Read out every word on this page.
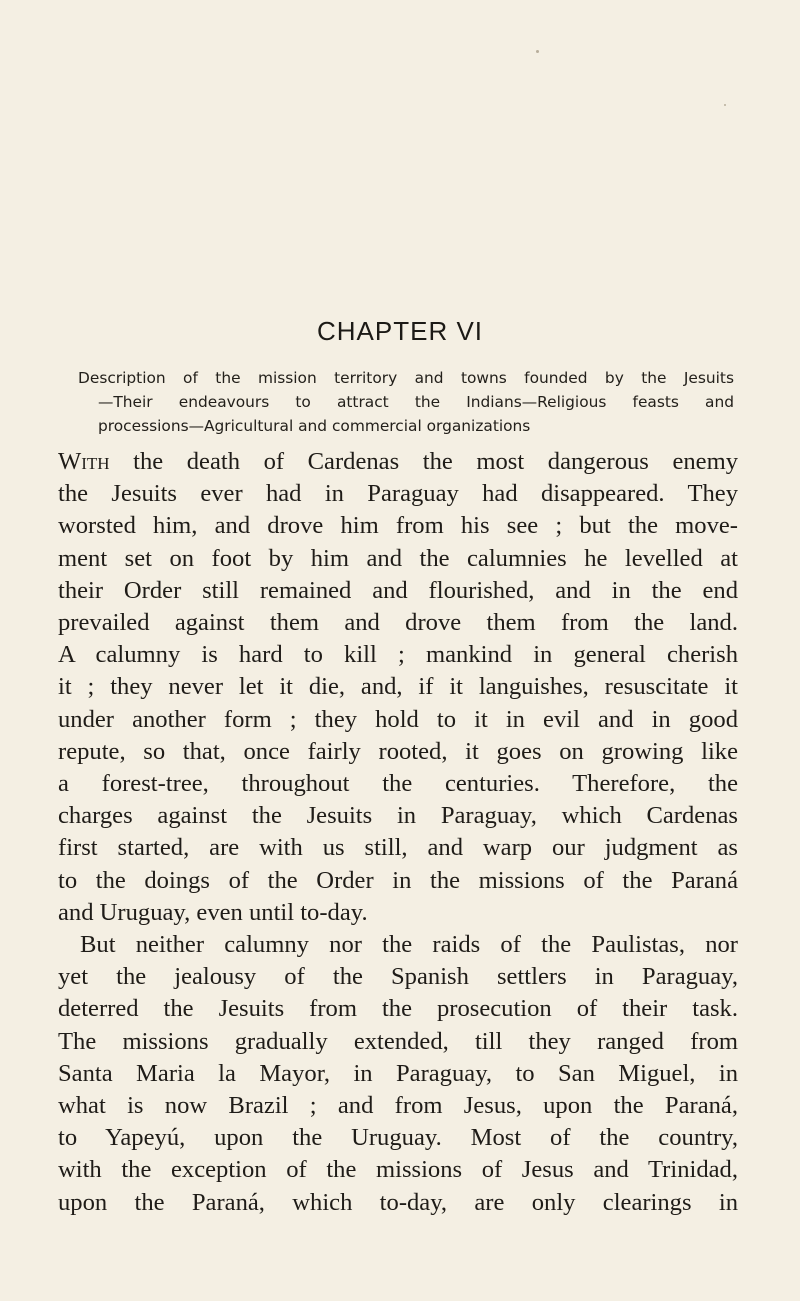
CHAPTER VI
Description of the mission territory and towns founded by the Jesuits
—Their endeavours to attract the Indians—Religious feasts and
processions—Agricultural and commercial organizations
With the death of Cardenas the most dangerous enemy
the Jesuits ever had in Paraguay had disappeared. They
worsted him, and drove him from his see ; but the move-
ment set on foot by him and the calumnies he levelled at
their Order still remained and flourished, and in the end
prevailed against them and drove them from the land.
A calumny is hard to kill ; mankind in general cherish
it ; they never let it die, and, if it languishes, resuscitate it
under another form ; they hold to it in evil and in good
repute, so that, once fairly rooted, it goes on growing like
a forest-tree, throughout the centuries. Therefore, the
charges against the Jesuits in Paraguay, which Cardenas
first started, are with us still, and warp our judgment as
to the doings of the Order in the missions of the Paraná
and Uruguay, even until to-day.
But neither calumny nor the raids of the Paulistas, nor
yet the jealousy of the Spanish settlers in Paraguay,
deterred the Jesuits from the prosecution of their task.
The missions gradually extended, till they ranged from
Santa Maria la Mayor, in Paraguay, to San Miguel, in
what is now Brazil ; and from Jesus, upon the Paraná,
to Yapeyú, upon the Uruguay. Most of the country,
with the exception of the missions of Jesus and Trinidad,
upon the Paraná, which to-day, are only clearings in
